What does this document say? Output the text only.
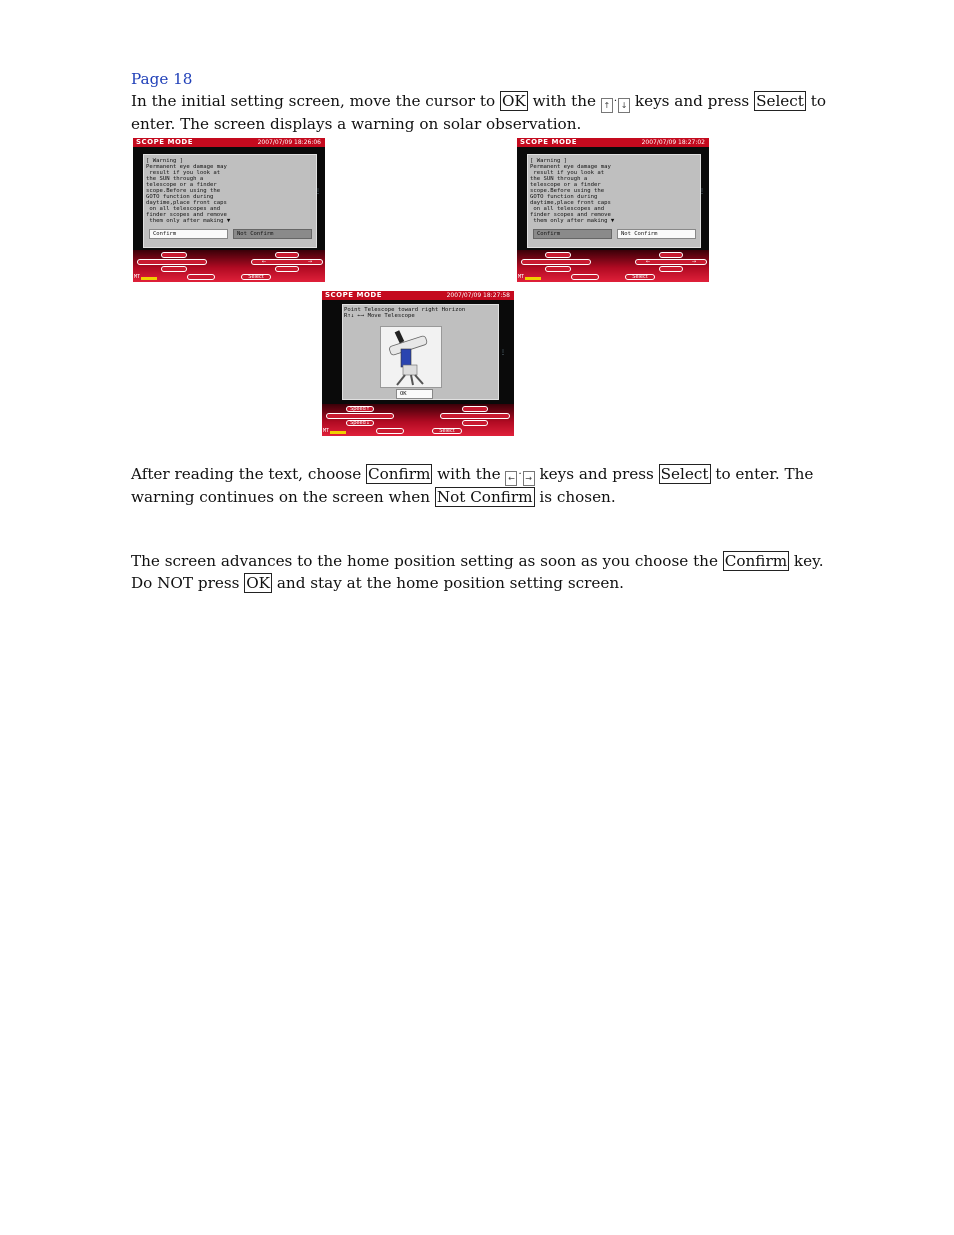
Page 18
In the initial setting screen, move the cursor to OK with the ↑ · ↓ keys and press Select to enter. The screen displays a warning on solar observation.
SCOPE MODE	2007/07/09 18:26:06
[ Warning ]
Permanent eye damage may
result if you look at
the SUN through a
telescope or a finder
scope.Before using the
GOTO function during
daytime,place front caps
on all telescopes and
finder scopes and remove
them only after making ▼
Confirm	Not Confirm
⋮
←	→
Select
MT
SCOPE MODE	2007/07/09 18:27:02
[ Warning ]
Permanent eye damage may
result if you look at
the SUN through a
telescope or a finder
scope.Before using the
GOTO function during
daytime,place front caps
on all telescopes and
finder scopes and remove
them only after making ▼
Confirm	Not Confirm
⋮
←	→
Select
MT
SCOPE MODE	2007/07/09 18:27:58
Point Telescope toward right Horizon
R↑↓ ←→ Move Telescope
OK
⋮
Speed↑
Speed↓
Select
MT
After reading the text, choose Confirm with the ← · → keys and press Select to enter. The warning continues on the screen when Not Confirm is chosen.
The screen advances to the home position setting as soon as you choose the Confirm key. Do NOT press OK and stay at the home position setting screen.
